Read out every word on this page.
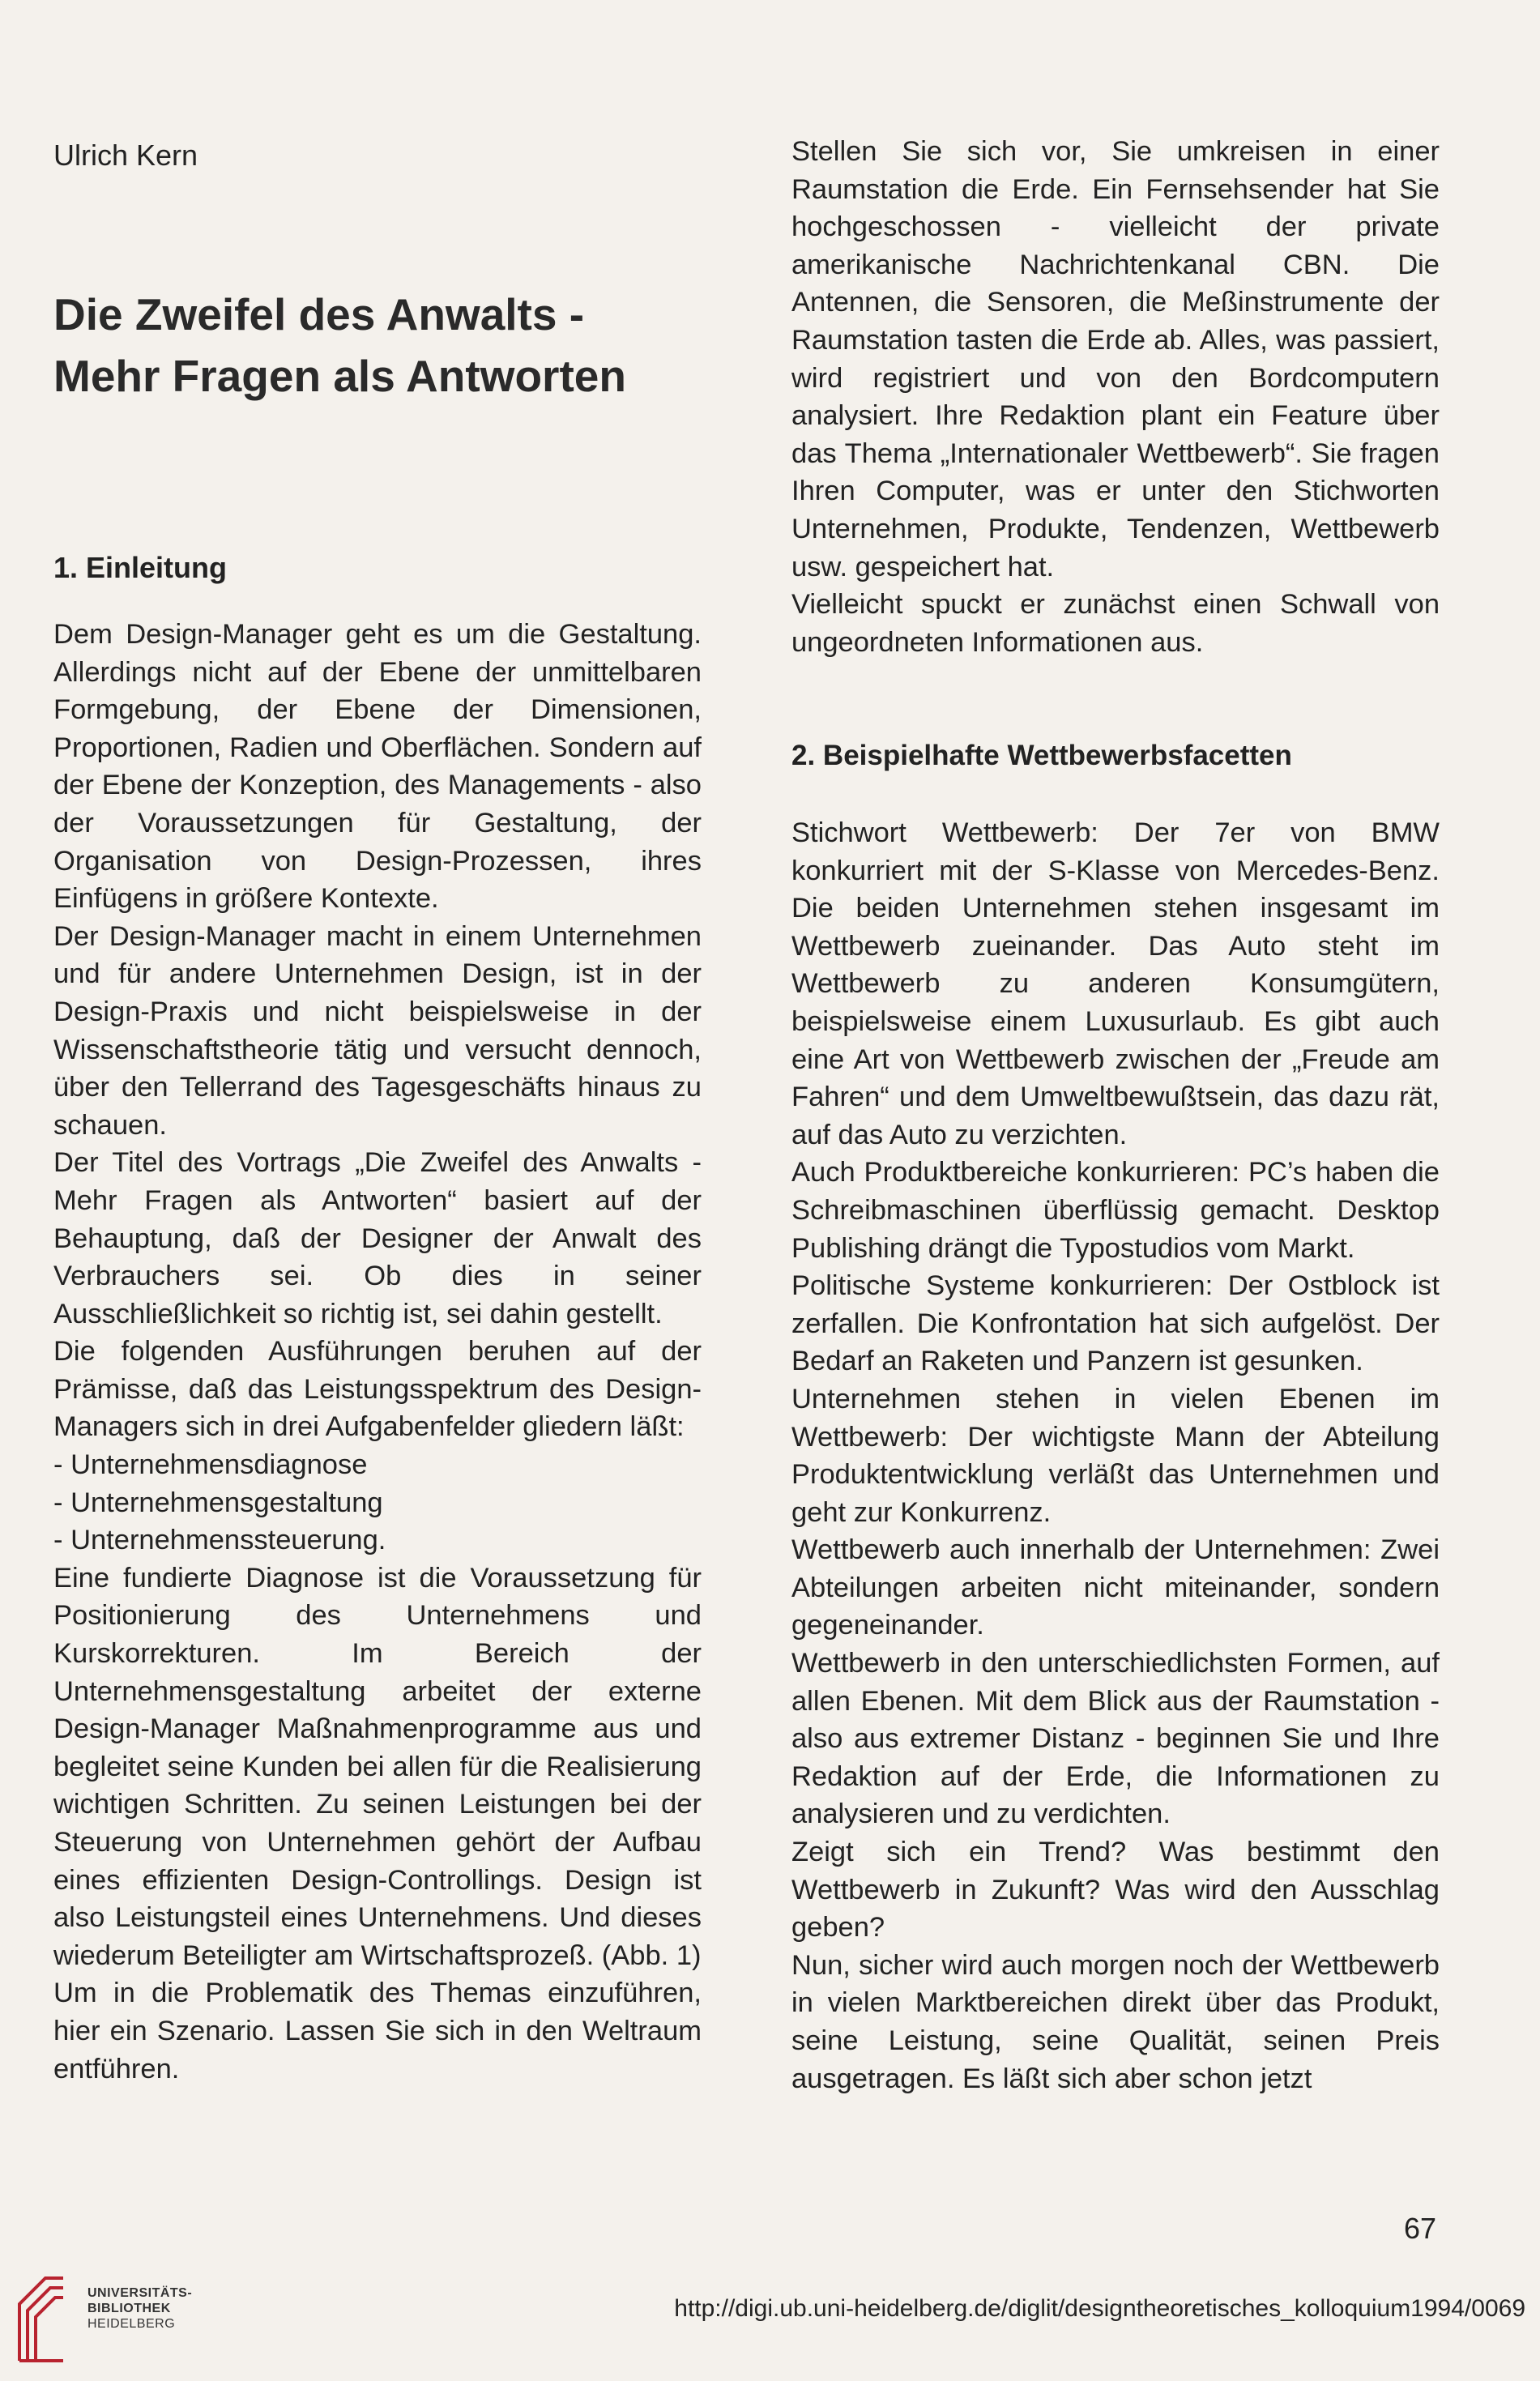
Ulrich Kern
Die Zweifel des Anwalts -
Mehr Fragen als Antworten
1. Einleitung

Dem Design-Manager geht es um die Gestaltung. Allerdings nicht auf der Ebene der unmittelbaren Formgebung, der Ebene der Dimensionen, Proportionen, Radien und Oberflächen. Sondern auf der Ebene der Konzeption, des Managements - also der Voraussetzungen für Gestaltung, der Organisation von Design-Prozessen, ihres Einfügens in größere Kontexte.

Der Design-Manager macht in einem Unternehmen und für andere Unternehmen Design, ist in der Design-Praxis und nicht beispielsweise in der Wissenschaftstheorie tätig und versucht dennoch, über den Tellerrand des Tagesgeschäfts hinaus zu schauen.

Der Titel des Vortrags „Die Zweifel des Anwalts - Mehr Fragen als Antworten“ basiert auf der Behauptung, daß der Designer der Anwalt des Verbrauchers sei. Ob dies in seiner Ausschließlichkeit so richtig ist, sei dahin gestellt.

Die folgenden Ausführungen beruhen auf der Prämisse, daß das Leistungsspektrum des Design-Managers sich in drei Aufgabenfelder gliedern läßt:

- Unternehmensdiagnose
- Unternehmensgestaltung
- Unternehmenssteuerung.

Eine fundierte Diagnose ist die Voraussetzung für Positionierung des Unternehmens und Kurskorrekturen. Im Bereich der Unternehmensgestaltung arbeitet der externe Design-Manager Maßnahmenprogramme aus und begleitet seine Kunden bei allen für die Realisierung wichtigen Schritten. Zu seinen Leistungen bei der Steuerung von Unternehmen gehört der Aufbau eines effizienten Design-Controllings. Design ist also Leistungsteil eines Unternehmens. Und dieses wiederum Beteiligter am Wirtschaftsprozeß. (Abb. 1)

Um in die Problematik des Themas einzuführen, hier ein Szenario. Lassen Sie sich in den Weltraum entführen.

Stellen Sie sich vor, Sie umkreisen in einer Raumstation die Erde. Ein Fernsehsender hat Sie hochgeschossen - vielleicht der private amerikanische Nachrichtenkanal CBN. Die Antennen, die Sensoren, die Meßinstrumente der Raumstation tasten die Erde ab. Alles, was passiert, wird registriert und von den Bordcomputern analysiert. Ihre Redaktion plant ein Feature über das Thema „Internationaler Wettbewerb“. Sie fragen Ihren Computer, was er unter den Stichworten Unternehmen, Produkte, Tendenzen, Wettbewerb usw. gespeichert hat.

Vielleicht spuckt er zunächst einen Schwall von ungeordneten Informationen aus.

2. Beispielhafte Wettbewerbsfacetten

Stichwort Wettbewerb: Der 7er von BMW konkurriert mit der S-Klasse von Mercedes-Benz. Die beiden Unternehmen stehen insgesamt im Wettbewerb zueinander. Das Auto steht im Wettbewerb zu anderen Konsumgütern, beispielsweise einem Luxusurlaub. Es gibt auch eine Art von Wettbewerb zwischen der „Freude am Fahren“ und dem Umweltbewußtsein, das dazu rät, auf das Auto zu verzichten.

Auch Produktbereiche konkurrieren: PC’s haben die Schreibmaschinen überflüssig gemacht. Desktop Publishing drängt die Typostudios vom Markt.

Politische Systeme konkurrieren: Der Ostblock ist zerfallen. Die Konfrontation hat sich aufgelöst. Der Bedarf an Raketen und Panzern ist gesunken.

Unternehmen stehen in vielen Ebenen im Wettbewerb: Der wichtigste Mann der Abteilung Produktentwicklung verläßt das Unternehmen und geht zur Konkurrenz.

Wettbewerb auch innerhalb der Unternehmen: Zwei Abteilungen arbeiten nicht miteinander, sondern gegeneinander.

Wettbewerb in den unterschiedlichsten Formen, auf allen Ebenen. Mit dem Blick aus der Raumstation - also aus extremer Distanz - beginnen Sie und Ihre Redaktion auf der Erde, die Informationen zu analysieren und zu verdichten.

Zeigt sich ein Trend? Was bestimmt den Wettbewerb in Zukunft? Was wird den Ausschlag geben?

Nun, sicher wird auch morgen noch der Wettbewerb in vielen Marktbereichen direkt über das Produkt, seine Leistung, seine Qualität, seinen Preis ausgetragen. Es läßt sich aber schon jetzt

67
UNIVERSITÄTS-
BIBLIOTHEK
HEIDELBERG
http://digi.ub.uni-heidelberg.de/diglit/designtheoretisches_kolloquium1994/0069
